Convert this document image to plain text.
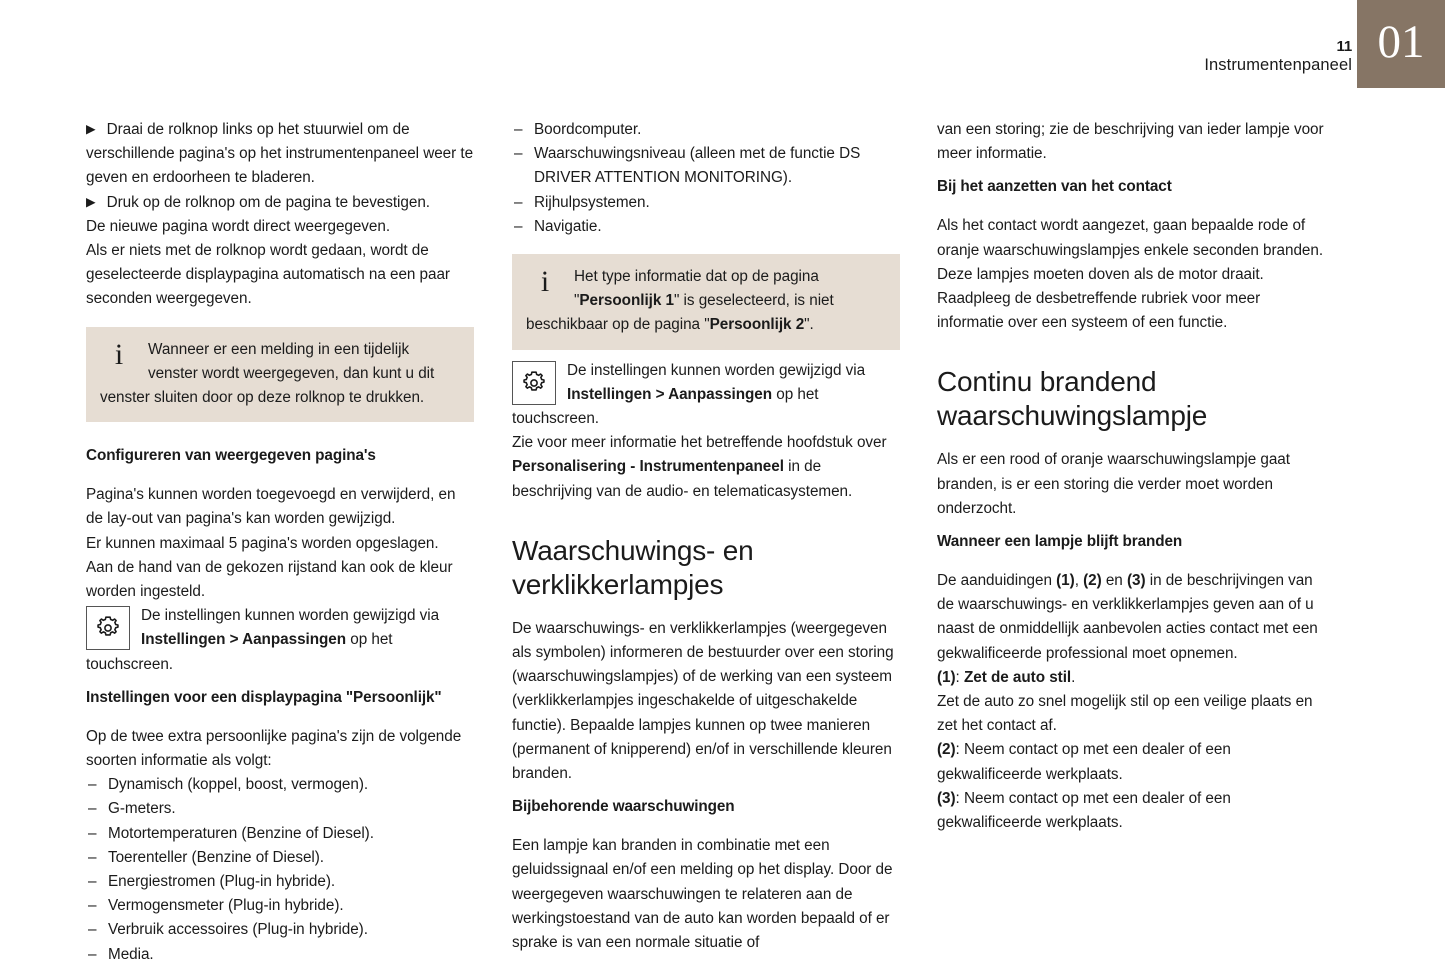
11
Instrumentenpaneel 01

▶ Draai de rolknop links op het stuurwiel om de verschillende pagina's op het instrumentenpaneel weer te geven en erdoorheen te bladeren.

▶ Druk op de rolknop om de pagina te bevestigen.

De nieuwe pagina wordt direct weergegeven.

Als er niets met de rolknop wordt gedaan, wordt de geselecteerde displaypagina automatisch na een paar seconden weergegeven.

i	Wanneer er een melding in een tijdelijk
venster wordt weergegeven, dan kunt u dit
venster sluiten door op deze rolknop te drukken.

Configureren van weergegeven pagina's

Pagina's kunnen worden toegevoegd en verwijderd, en de lay-out van pagina's kan worden gewijzigd.

Er kunnen maximaal 5 pagina's worden opgeslagen.

Aan de hand van de gekozen rijstand kan ook de kleur worden ingesteld.

De instellingen kunnen worden gewijzigd via
Instellingen > Aanpassingen op het
touchscreen.

Instellingen voor een displaypagina "Persoonlijk"

Op de twee extra persoonlijke pagina's zijn de volgende soorten informatie als volgt:

– Dynamisch (koppel, boost, vermogen).
– G-meters.
– Motortemperaturen (Benzine of Diesel).
– Toerenteller (Benzine of Diesel).
– Energiestromen (Plug-in hybride).
– Vermogensmeter (Plug-in hybride).
– Verbruik accessoires (Plug-in hybride).
– Media.
– Boordcomputer.
– Waarschuwingsniveau (alleen met de functie DS DRIVER ATTENTION MONITORING).
– Rijhulpsystemen.
– Navigatie.
i	Het type informatie dat op de pagina
"Persoonlijk 1" is geselecteerd, is niet
beschikbaar op de pagina "Persoonlijk 2".

De instellingen kunnen worden gewijzigd via
Instellingen > Aanpassingen op het
touchscreen.

Zie voor meer informatie het betreffende hoofdstuk over Personalisering - Instrumentenpaneel in de beschrijving van de audio- en telematicasystemen.

Waarschuwings- en verklikkerlampjes

De waarschuwings- en verklikkerlampjes (weergegeven als symbolen) informeren de bestuurder over een storing (waarschuwingslampjes) of de werking van een systeem (verklikkerlampjes ingeschakelde of uitgeschakelde functie). Bepaalde lampjes kunnen op twee manieren (permanent of knipperend) en/of in verschillende kleuren branden.

Bijbehorende waarschuwingen

Een lampje kan branden in combinatie met een geluidssignaal en/of een melding op het display. Door de weergegeven waarschuwingen te relateren aan de werkingstoestand van de auto kan worden bepaald of er sprake is van een normale situatie of

van een storing; zie de beschrijving van ieder lampje voor meer informatie.

Bij het aanzetten van het contact

Als het contact wordt aangezet, gaan bepaalde rode of oranje waarschuwingslampjes enkele seconden branden. Deze lampjes moeten doven als de motor draait.

Raadpleeg de desbetreffende rubriek voor meer informatie over een systeem of een functie.

Continu brandend waarschuwingslampje

Als er een rood of oranje waarschuwingslampje gaat branden, is er een storing die verder moet worden onderzocht.

Wanneer een lampje blijft branden

De aanduidingen (1), (2) en (3) in de beschrijvingen van de waarschuwings- en verklikkerlampjes geven aan of u naast de onmiddellijk aanbevolen acties contact met een gekwalificeerde professional moet opnemen.

(1): Zet de auto stil.

Zet de auto zo snel mogelijk stil op een veilige plaats en zet het contact af.

(2): Neem contact op met een dealer of een gekwalificeerde werkplaats.

(3): Neem contact op met een dealer of een gekwalificeerde werkplaats.
